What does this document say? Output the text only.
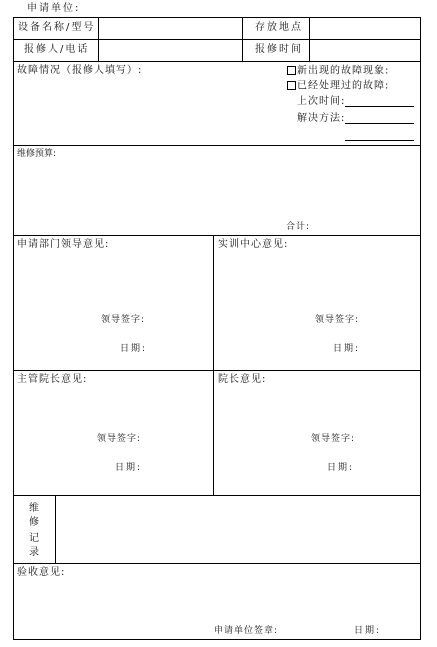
申请单位:
设备名称/型号	存放地点
报修人/电话	报修时间
故障情况（报修人填写）:	新出现的故障现象:
已经处理过的故障:
上次时间:
解决方法:
维修预算:
合计:
申请部门领导意见:
领导签字:
日期:
实训中心意见:
领导签字:
日期:
主管院长意见:
领导签字:
日期:
院长意见:
领导签字:
日期:
维
修
记
录
验收意见:
申请单位签章:	日期:
